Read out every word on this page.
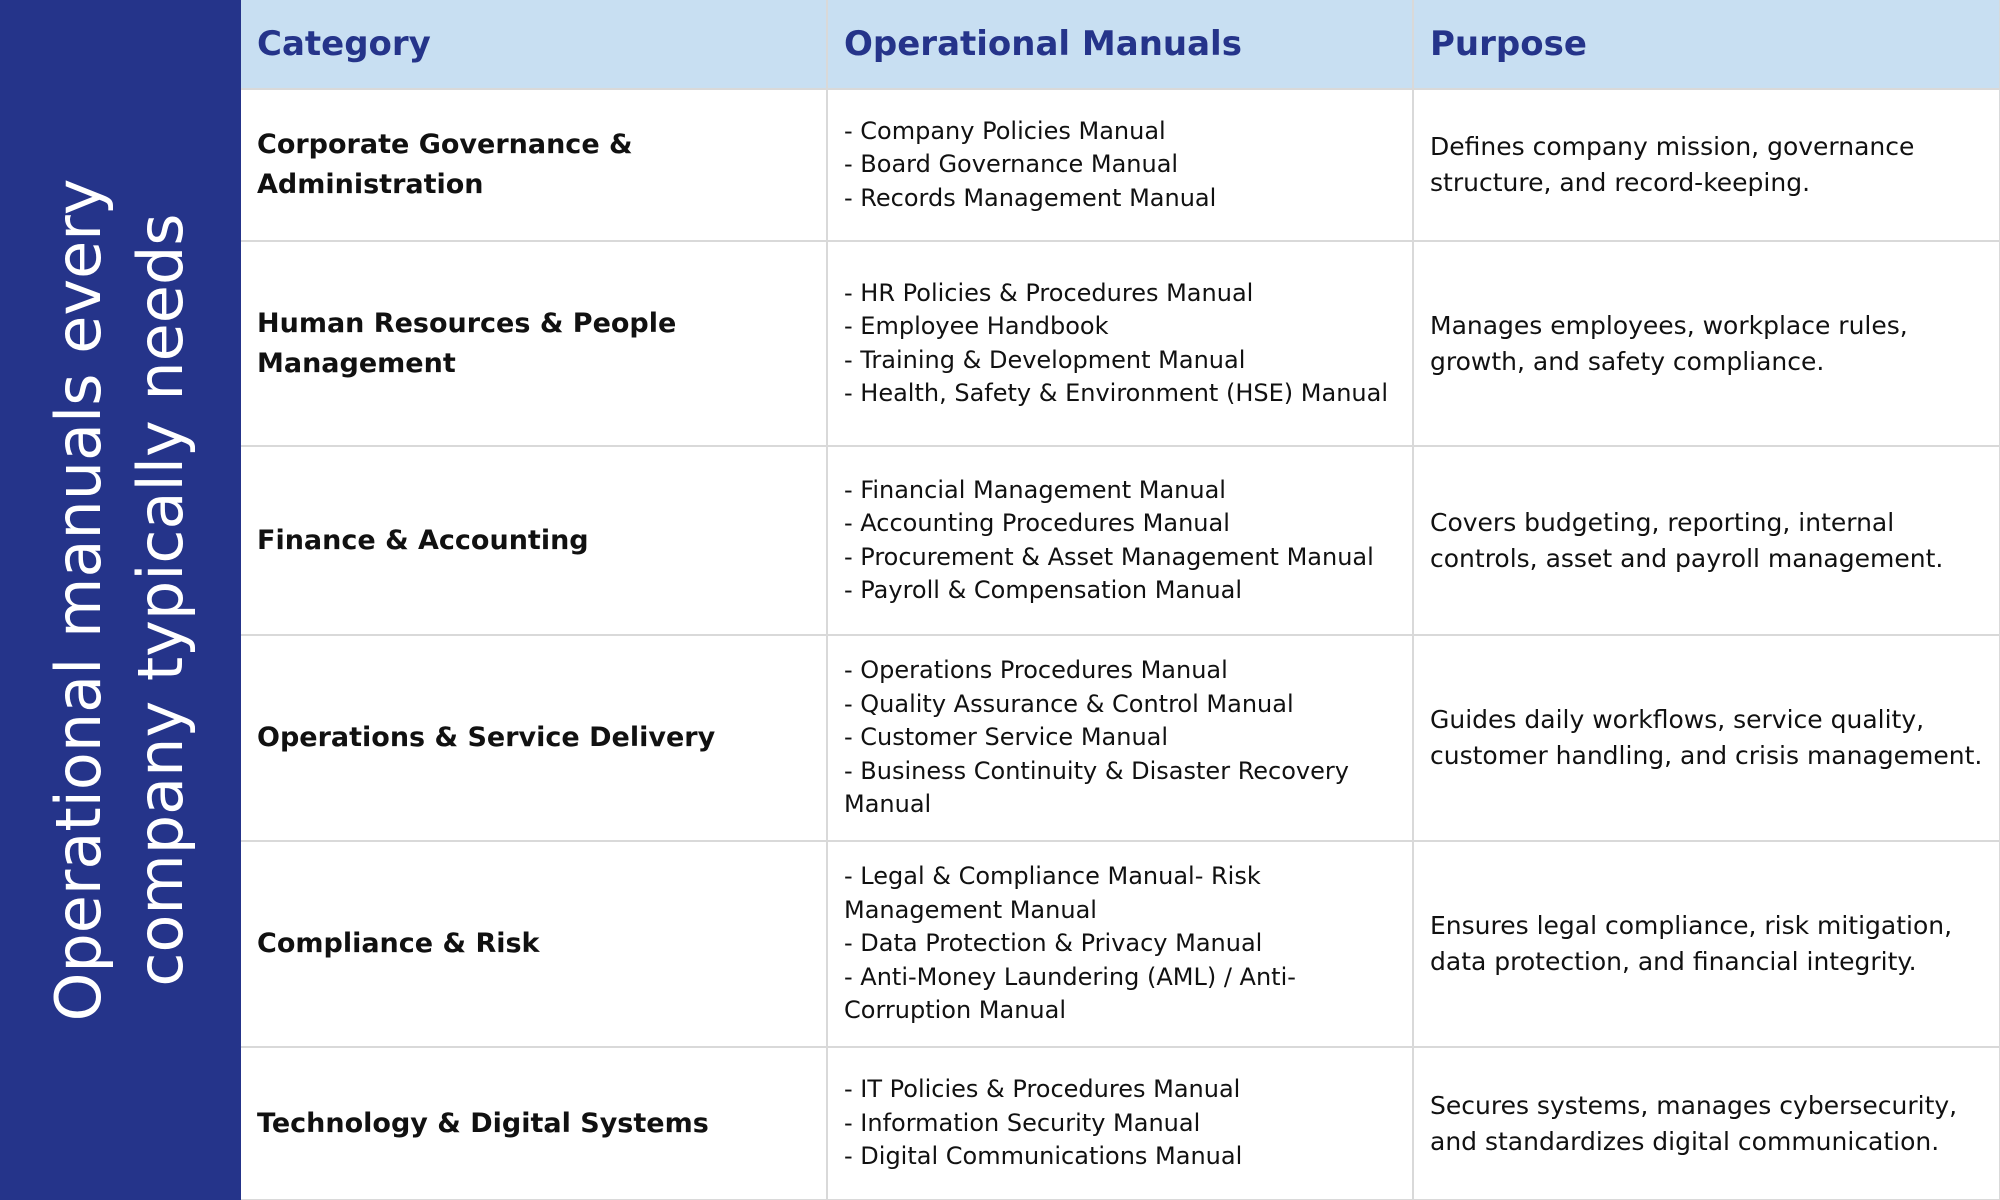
Operational manuals every company typically needs
Category	Operational Manuals	Purpose
Corporate Governance & Administration	- Company Policies Manual
- Board Governance Manual
- Records Management Manual	Defines company mission, governance structure, and record-keeping.
Human Resources & People Management	- HR Policies & Procedures Manual
- Employee Handbook
- Training & Development Manual
- Health, Safety & Environment (HSE) Manual	Manages employees, workplace rules, growth, and safety compliance.
Finance & Accounting	- Financial Management Manual
- Accounting Procedures Manual
- Procurement & Asset Management Manual
- Payroll & Compensation Manual	Covers budgeting, reporting, internal controls, asset and payroll management.
Operations & Service Delivery	- Operations Procedures Manual
- Quality Assurance & Control Manual
- Customer Service Manual
- Business Continuity & Disaster Recovery Manual	Guides daily workflows, service quality, customer handling, and crisis management.
Compliance & Risk	- Legal & Compliance Manual- Risk Management Manual
- Data Protection & Privacy Manual
- Anti-Money Laundering (AML) / Anti-Corruption Manual	Ensures legal compliance, risk mitigation, data protection, and financial integrity.
Technology & Digital Systems	- IT Policies & Procedures Manual
- Information Security Manual
- Digital Communications Manual	Secures systems, manages cybersecurity, and standardizes digital communication.
